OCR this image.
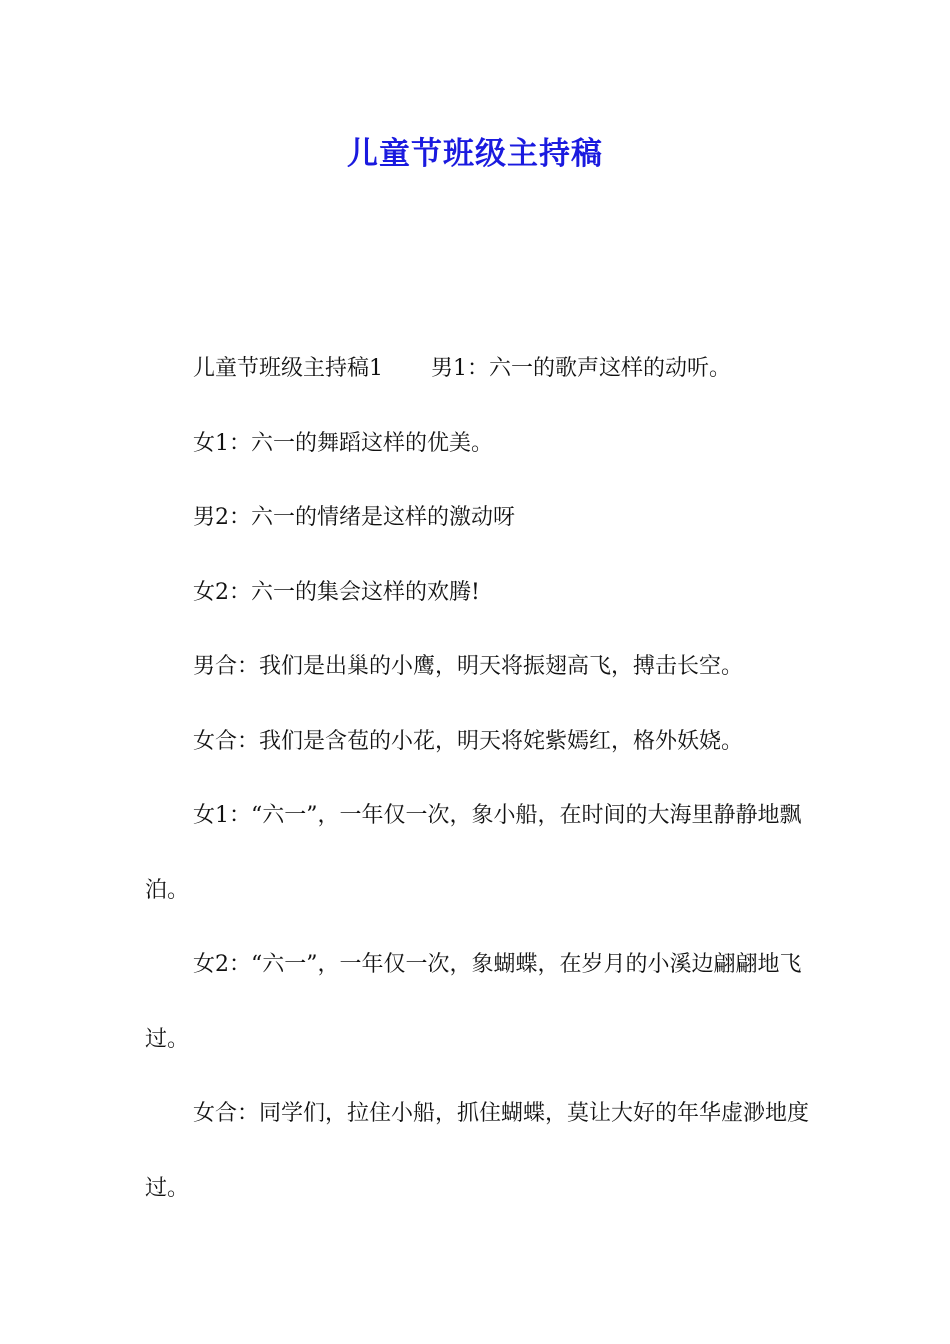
儿童节班级主持稿

儿童节班级主持稿1 男1：六一的歌声这样的动听。

女1：六一的舞蹈这样的优美。

男2：六一的情绪是这样的激动呀

女2：六一的集会这样的欢腾!

男合：我们是出巢的小鹰，明天将振翅高飞，搏击长空。

女合：我们是含苞的小花，明天将姹紫嫣红，格外妖娆。

女1：“六一”，一年仅一次，象小船，在时间的大海里静静地飘泊。

女2：“六一”，一年仅一次，象蝴蝶，在岁月的小溪边翩翩地飞过。

女合：同学们，拉住小船，抓住蝴蝶，莫让大好的年华虚渺地度过。
